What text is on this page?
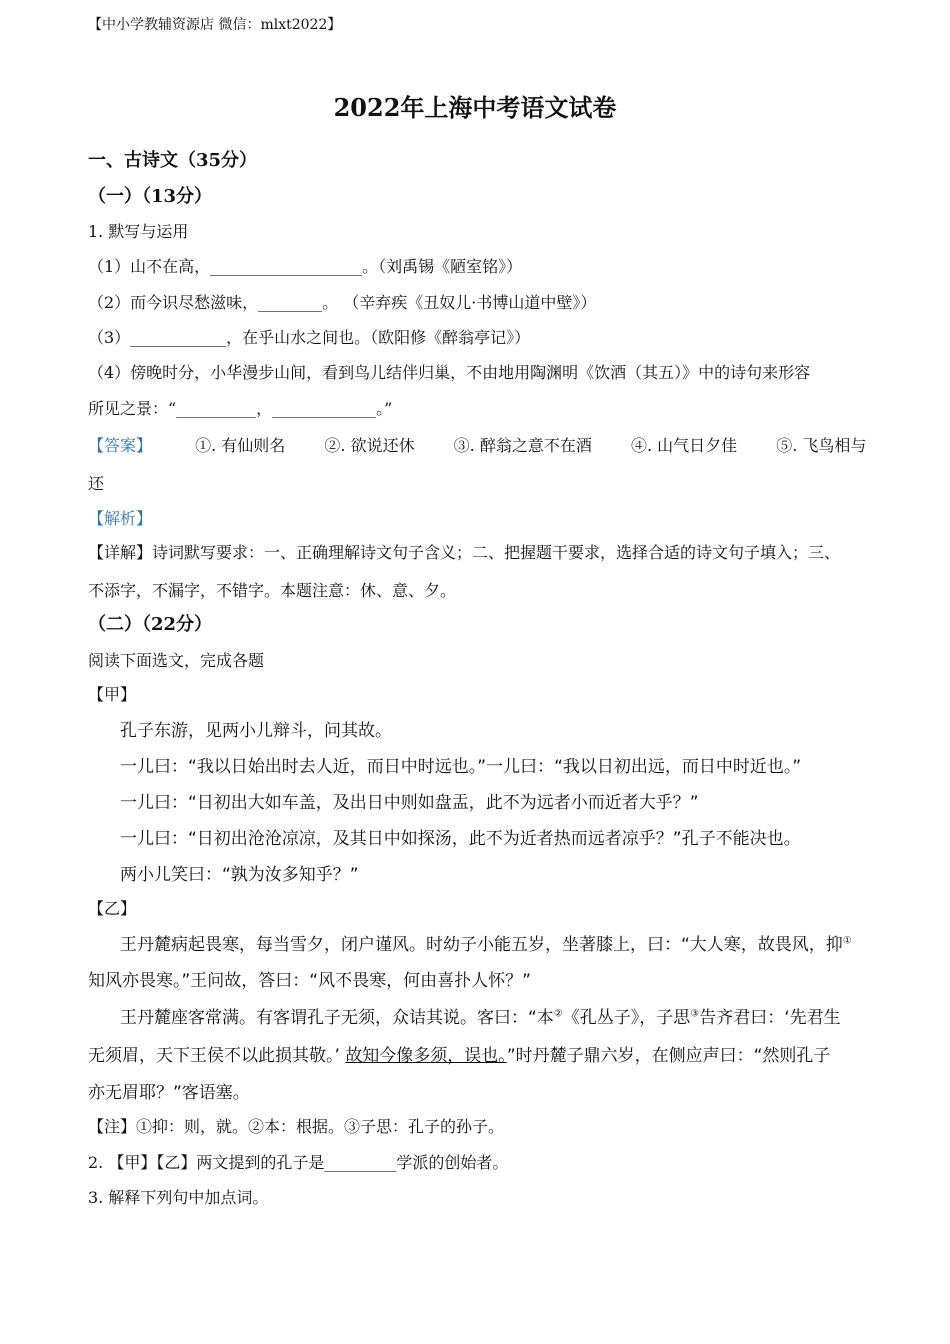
【中小学教辅资源店 微信：mlxt2022】
2022年上海中考语文试卷
一、古诗文（35分）
（一）（13分）
1. 默写与运用
（1）山不在高，___________________。（刘禹锡《陋室铭》）
（2）而今识尽愁滋味，________。 （辛弃疾《丑奴儿·书博山道中壁》）
（3）____________，在乎山水之间也。（欧阳修《醉翁亭记》）
（4）傍晚时分，小华漫步山间，看到鸟儿结伴归巢，不由地用陶渊明《饮酒（其五）》中的诗句来形容
所见之景：“__________，_____________。”
【答案】	①. 有仙则名 ②. 欲说还休 ③. 醉翁之意不在酒 ④. 山气日夕佳 ⑤. 飞鸟相与
还
【解析】
【详解】诗词默写要求：一、正确理解诗文句子含义；二、把握题干要求，选择合适的诗文句子填入；三、
不添字，不漏字，不错字。本题注意：休、意、夕。
（二）（22分）
阅读下面选文，完成各题
【甲】
孔子东游，见两小儿辩斗，问其故。
一儿曰：“我以日始出时去人近，而日中时远也。”一儿曰：“我以日初出远，而日中时近也。”
一儿曰：“日初出大如车盖，及出日中则如盘盂，此不为远者小而近者大乎？”
一儿曰：“日初出沧沧凉凉，及其日中如探汤，此不为近者热而远者凉乎？”孔子不能决也。
两小儿笑曰：“孰为汝多知乎？”
【乙】
王丹麓病起畏寒，每当雪夕，闭户谨风。时幼子小能五岁，坐著膝上，曰：“大人寒，故畏风，抑①
知风亦畏寒。”王问故，答曰：“风不畏寒，何由喜扑人怀？”
王丹麓座客常满。有客谓孔子无须，众诘其说。客曰：“本②《孔丛子》，子思③告齐君曰：‘先君生
无须眉，天下王侯不以此损其敬。’ 故知今像多须，误也。”时丹麓子鼎六岁，在侧应声曰：“然则孔子
亦无眉耶？”客语塞。
【注】①抑：则，就。②本：根据。③子思：孔子的孙子。
2. 【甲】【乙】两文提到的孔子是_________学派的创始者。
3. 解释下列句中加点词。
